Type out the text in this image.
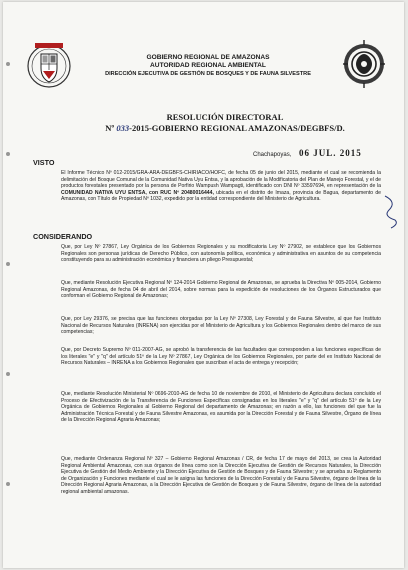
GOBIERNO REGIONAL DE AMAZONAS
AUTORIDAD REGIONAL AMBIENTAL
DIRECCIÓN EJECUTIVA DE GESTIÓN DE BOSQUES Y DE FAUNA SILVESTRE
RESOLUCIÓN DIRECTORAL
Nº 033-2015-GOBIERNO REGIONAL AMAZONAS/DEGBFS/D.
Chachapoyas, 06 JUL. 2015
VISTO
El Informe Técnico Nº 012-2015/GRA-ARA-DEGBFS-CHIRIACO/HOFC, de fecha 05 de junio del 2015, mediante el cual se recomienda la delimitación del Bosque Comunal de la Comunidad Nativa Uyu Entsa, y la aprobación de la Modificatoria del Plan de Manejo Forestal, y el de productos forestales presentado por la persona de Porfirio Wampush Wampagti, identificado con DNI Nº 33597694, en representación de la COMUNIDAD NATIVA UYU ENTSA, con RUC Nº 20480016444, ubicada en el distrito de Imaza, provincia de Bagua, departamento de Amazonas, con Título de Propiedad Nº 1032, expedido por la entidad correspondiente del Ministerio de Agricultura.
CONSIDERANDO
Que, por Ley Nº 27867, Ley Orgánica de los Gobiernos Regionales y su modificatoria Ley Nº 27902, se establece que los Gobiernos Regionales son personas jurídicas de Derecho Público, con autonomía política, económica y administrativa en asuntos de su competencia constituyendo para su administración económica y financiera un pliego Presupuestal;
Que, mediante Resolución Ejecutiva Regional Nº 124-2014 Gobierno Regional de Amazonas, se aprueba la Directiva Nº 005-2014, Gobierno Regional Amazonas, de fecha 04 de abril del 2014, sobre normas para la expedición de resoluciones de los Órganos Estructurados que conforman el Gobierno Regional de Amazonas;
Que, por Ley 29376, se precisa que las funciones otorgadas por la Ley Nº 27308, Ley Forestal y de Fauna Silvestre, al que fue Instituto Nacional de Recursos Naturales (INRENA) son ejercidas por el Ministerio de Agricultura y los Gobiernos Regionales dentro del marco de sus competencias;
Que, por Decreto Supremo Nº 011-2007-AG, se aprobó la transferencia de las facultades que corresponden a las funciones específicas de los literales "e" y "q" del artículo 51º de la Ley Nº 27867, Ley Orgánica de los Gobiernos Regionales, por parte del ex Instituto Nacional de Recursos Naturales – INRENA a los Gobiernos Regionales que suscriban el acta de entrega y recepción;
Que, mediante Resolución Ministerial Nº 0696-2010-AG de fecha 10 de noviembre de 2010, el Ministerio de Agricultura declara concluido el Proceso de Efectivización de la Transferencia de Funciones Específicas consignadas en los literales "e" y "q" del artículo 51º de la Ley Orgánica de Gobiernos Regionales al Gobierno Regional del departamento de Amazonas; en razón a ello, las funciones del que fue la Administración Técnica Forestal y de Fauna Silvestre Amazonas, es asumida por la Dirección Forestal y de Fauna Silvestre, Órgano de línea de la Dirección Regional Agraria Amazonas;
Que, mediante Ordenanza Regional Nº 327 – Gobierno Regional Amazonas / CR, de fecha 17 de mayo del 2013, se crea la Autoridad Regional Ambiental Amazonas, con sus órganos de línea como son la Dirección Ejecutiva de Gestión de Recursos Naturales, la Dirección Ejecutiva de Gestión del Medio Ambiente y la Dirección Ejecutiva de Gestión de Bosques y de Fauna Silvestre; y se aprueba su Reglamento de Organización y Funciones mediante el cual se le asigna las funciones de la Dirección Forestal y de Fauna Silvestre, órgano de línea de la Dirección Regional Agraria Amazonas, a la Dirección Ejecutiva de Gestión de Bosques y de Fauna Silvestre, órgano de línea de la autoridad regional ambiental amazonas.
